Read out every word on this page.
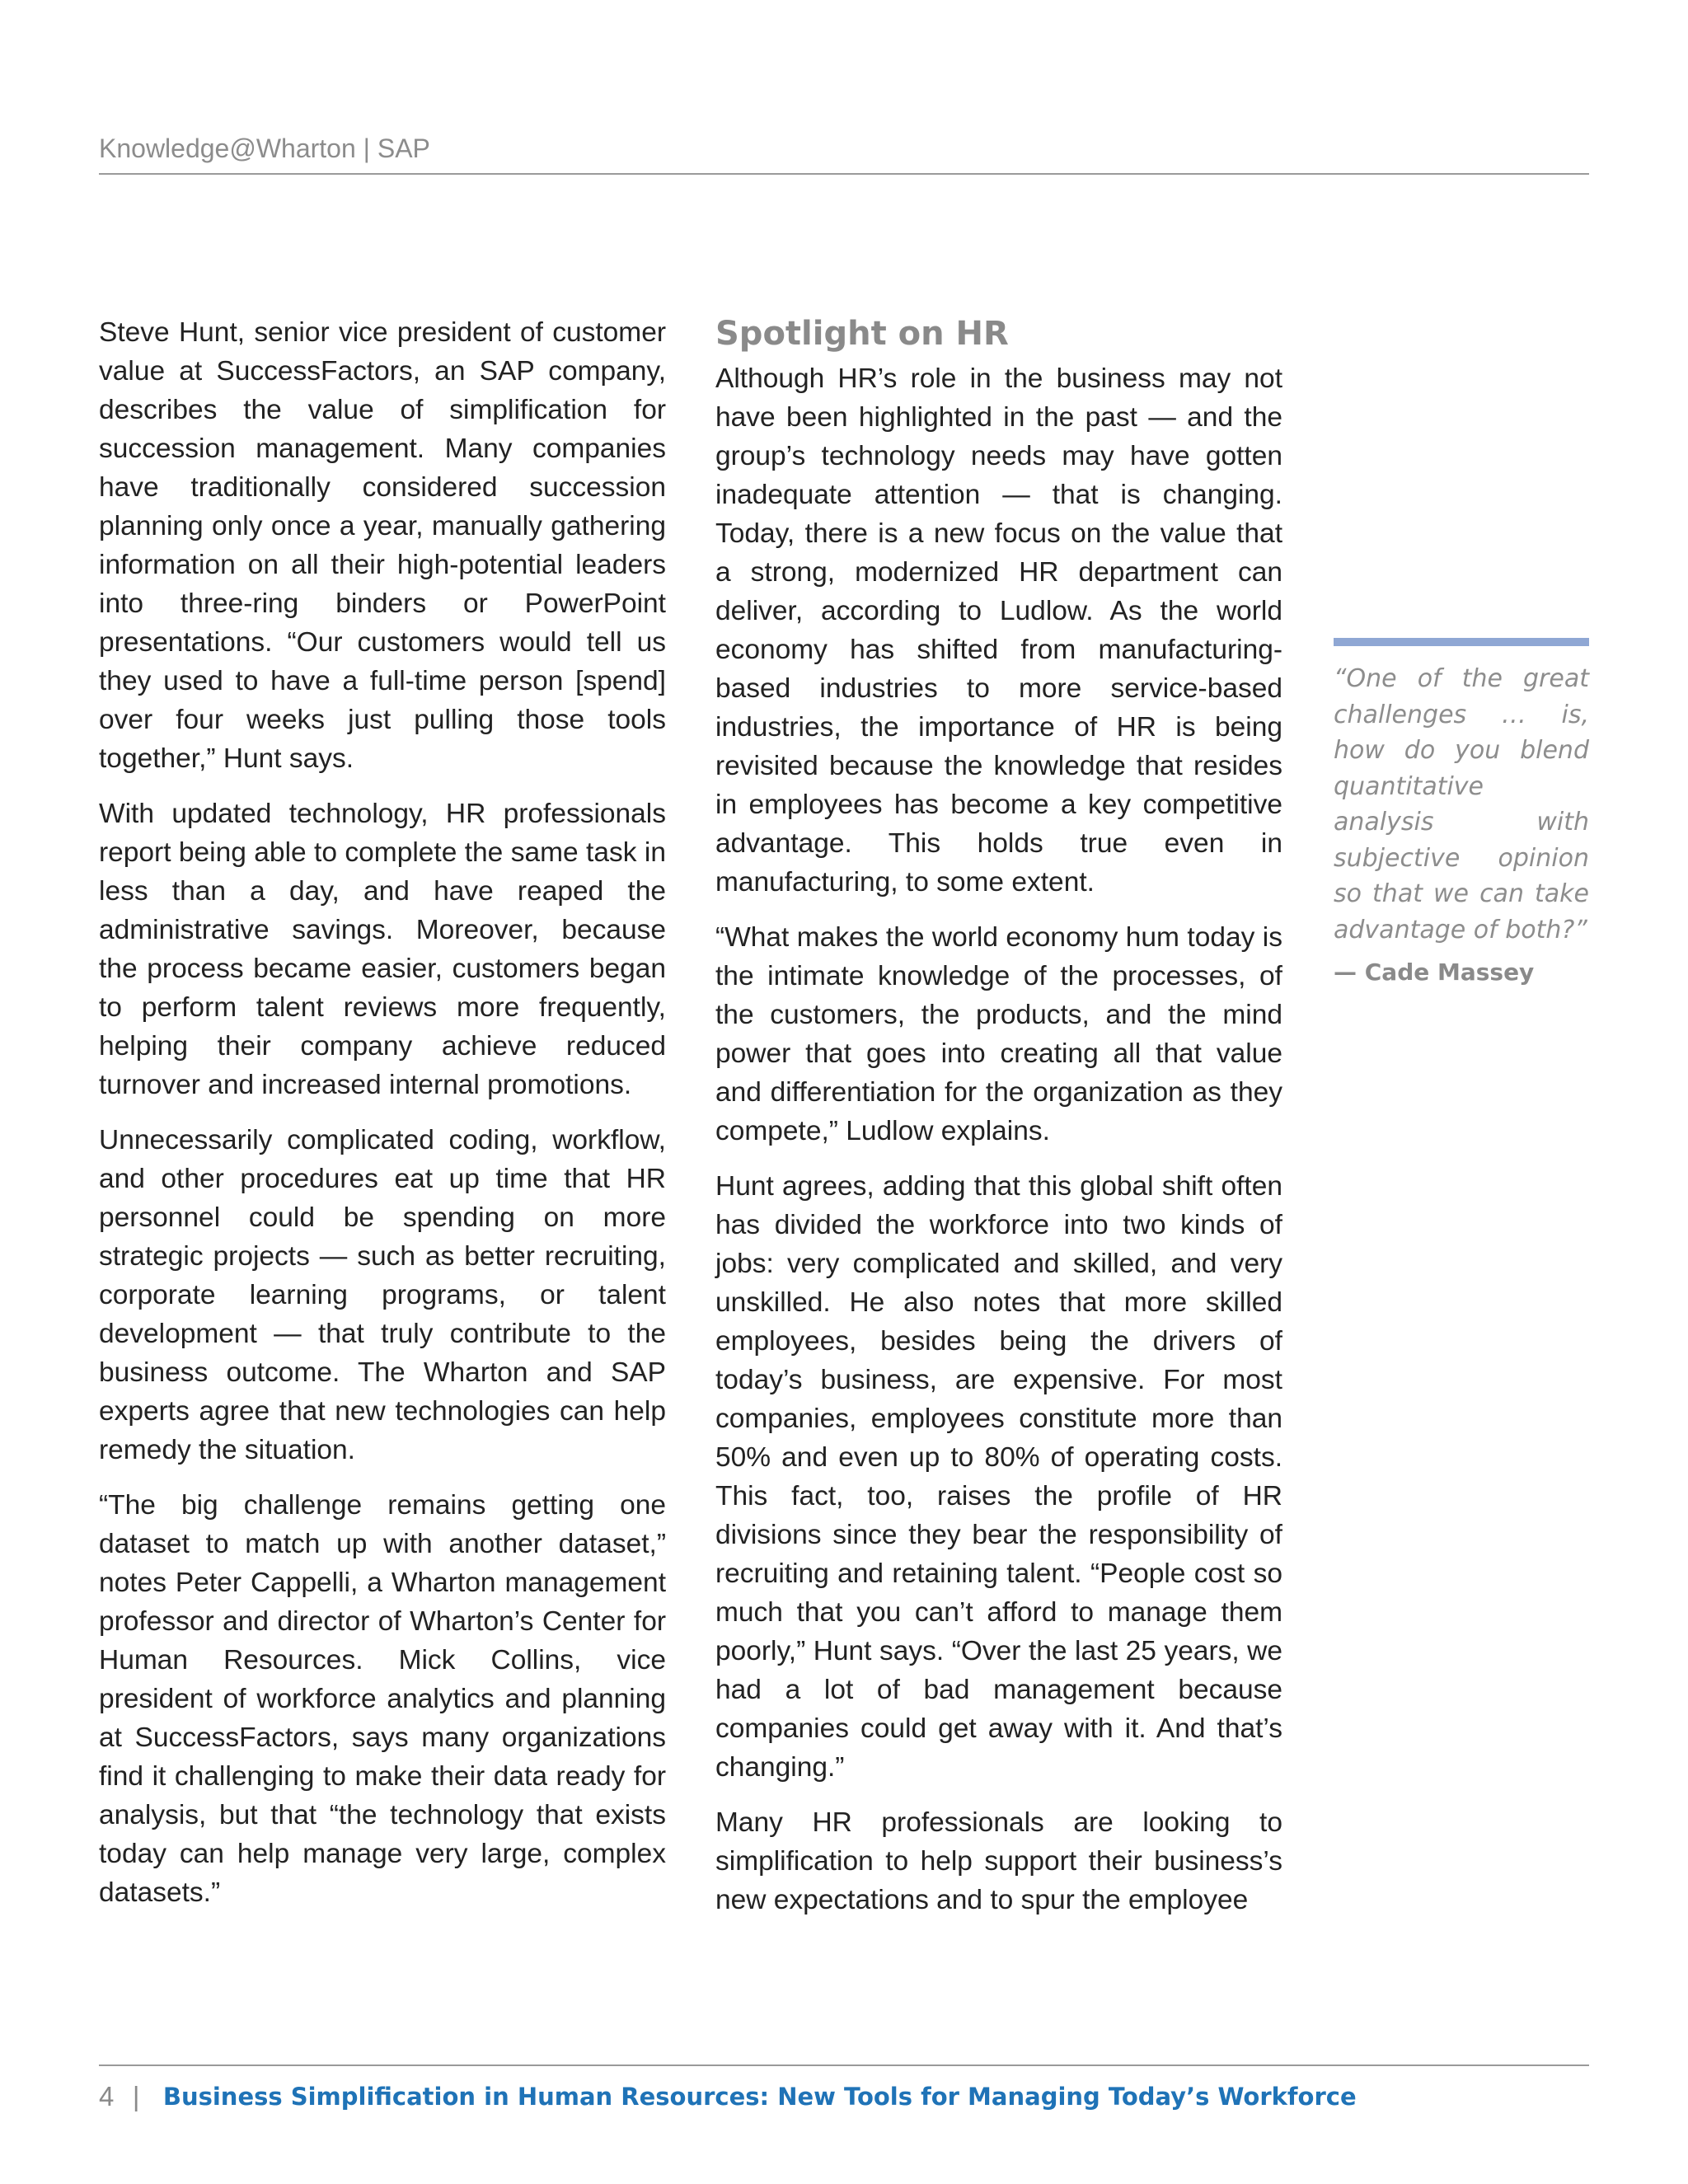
Knowledge@Wharton | SAP

Steve Hunt, senior vice president of customer value at SuccessFactors, an SAP company, describes the value of simplification for succession management. Many companies have traditionally considered succession planning only once a year, manually gathering information on all their high-potential leaders into three-ring binders or PowerPoint presentations. “Our customers would tell us they used to have a full-time person [spend] over four weeks just pulling those tools together,” Hunt says.

With updated technology, HR professionals report being able to complete the same task in less than a day, and have reaped the administrative savings. Moreover, because the process became easier, customers began to perform talent reviews more frequently, helping their company achieve reduced turnover and increased internal promotions.

Unnecessarily complicated coding, workflow, and other procedures eat up time that HR personnel could be spending on more strategic projects — such as better recruiting, corporate learning programs, or talent development — that truly contribute to the business outcome. The Wharton and SAP experts agree that new technologies can help remedy the situation.

“The big challenge remains getting one dataset to match up with another dataset,” notes Peter Cappelli, a Wharton management professor and director of Wharton’s Center for Human Resources. Mick Collins, vice president of workforce analytics and planning at SuccessFactors, says many organizations find it challenging to make their data ready for analysis, but that “the technology that exists today can help manage very large, complex datasets.”

Spotlight on HR

Although HR’s role in the business may not have been highlighted in the past — and the group’s technology needs may have gotten inadequate attention — that is changing. Today, there is a new focus on the value that a strong, modernized HR department can deliver, according to Ludlow. As the world economy has shifted from manufacturing-based industries to more service-based industries, the importance of HR is being revisited because the knowledge that resides in employees has become a key competitive advantage. This holds true even in manufacturing, to some extent.

“What makes the world economy hum today is the intimate knowledge of the processes, of the customers, the products, and the mind power that goes into creating all that value and differentiation for the organization as they compete,” Ludlow explains.

Hunt agrees, adding that this global shift often has divided the workforce into two kinds of jobs: very complicated and skilled, and very unskilled. He also notes that more skilled employees, besides being the drivers of today’s business, are expensive. For most companies, employees constitute more than 50% and even up to 80% of operating costs. This fact, too, raises the profile of HR divisions since they bear the responsibility of recruiting and retaining talent. “People cost so much that you can’t afford to manage them poorly,” Hunt says. “Over the last 25 years, we had a lot of bad management because companies could get away with it. And that’s changing.”

Many HR professionals are looking to simplification to help support their business’s new expectations and to spur the employee

“One of the great challenges … is, how do you blend quantitative analysis with subjective opinion so that we can take advantage of both?”

— Cade Massey
4 | Business Simplification in Human Resources: New Tools for Managing Today’s Workforce
